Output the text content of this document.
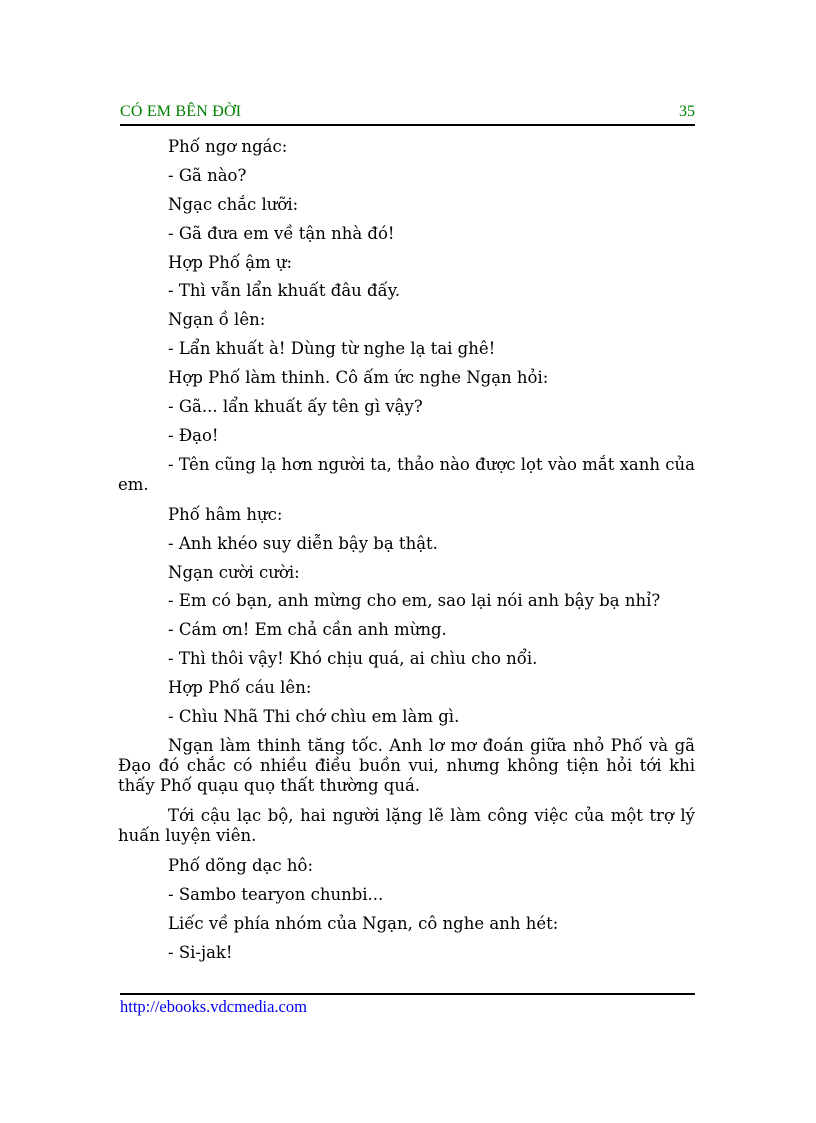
CÓ EM BÊN ĐỜI	35

Phố ngơ ngác:

- Gã nào?

Ngạc chắc lưỡi:

- Gã đưa em về tận nhà đó!

Hợp Phố ậm ự:

- Thì vẫn lẩn khuất đâu đấy.

Ngạn ồ lên:

- Lẩn khuất à! Dùng từ nghe lạ tai ghê!

Hợp Phố làm thinh. Cô ấm ức nghe Ngạn hỏi:

- Gã... lẩn khuất ấy tên gì vậy?

- Đạo!

- Tên cũng lạ hơn người ta, thảo nào được lọt vào mắt xanh của em.

Phố hâm hực:

- Anh khéo suy diễn bậy bạ thật.

Ngạn cười cười:

- Em có bạn, anh mừng cho em, sao lại nói anh bậy bạ nhỉ?

- Cám ơn! Em chả cần anh mừng.

- Thì thôi vậy! Khó chịu quá, ai chìu cho nổi.

Hợp Phố cáu lên:

- Chìu Nhã Thi chớ chìu em làm gì.

Ngạn làm thinh tăng tốc. Anh lơ mơ đoán giữa nhỏ Phố và gã Đạo đó chắc có nhiều điều buồn vui, nhưng không tiện hỏi tới khi thấy Phố quạu quọ thất thường quá.

Tới cậu lạc bộ, hai người lặng lẽ làm công việc của một trợ lý huấn luyện viên.

Phố dõng dạc hô:

- Sambo tearyon chunbi...

Liếc về phía nhóm của Ngạn, cô nghe anh hét:

- Si-jak!

http://ebooks.vdcmedia.com
